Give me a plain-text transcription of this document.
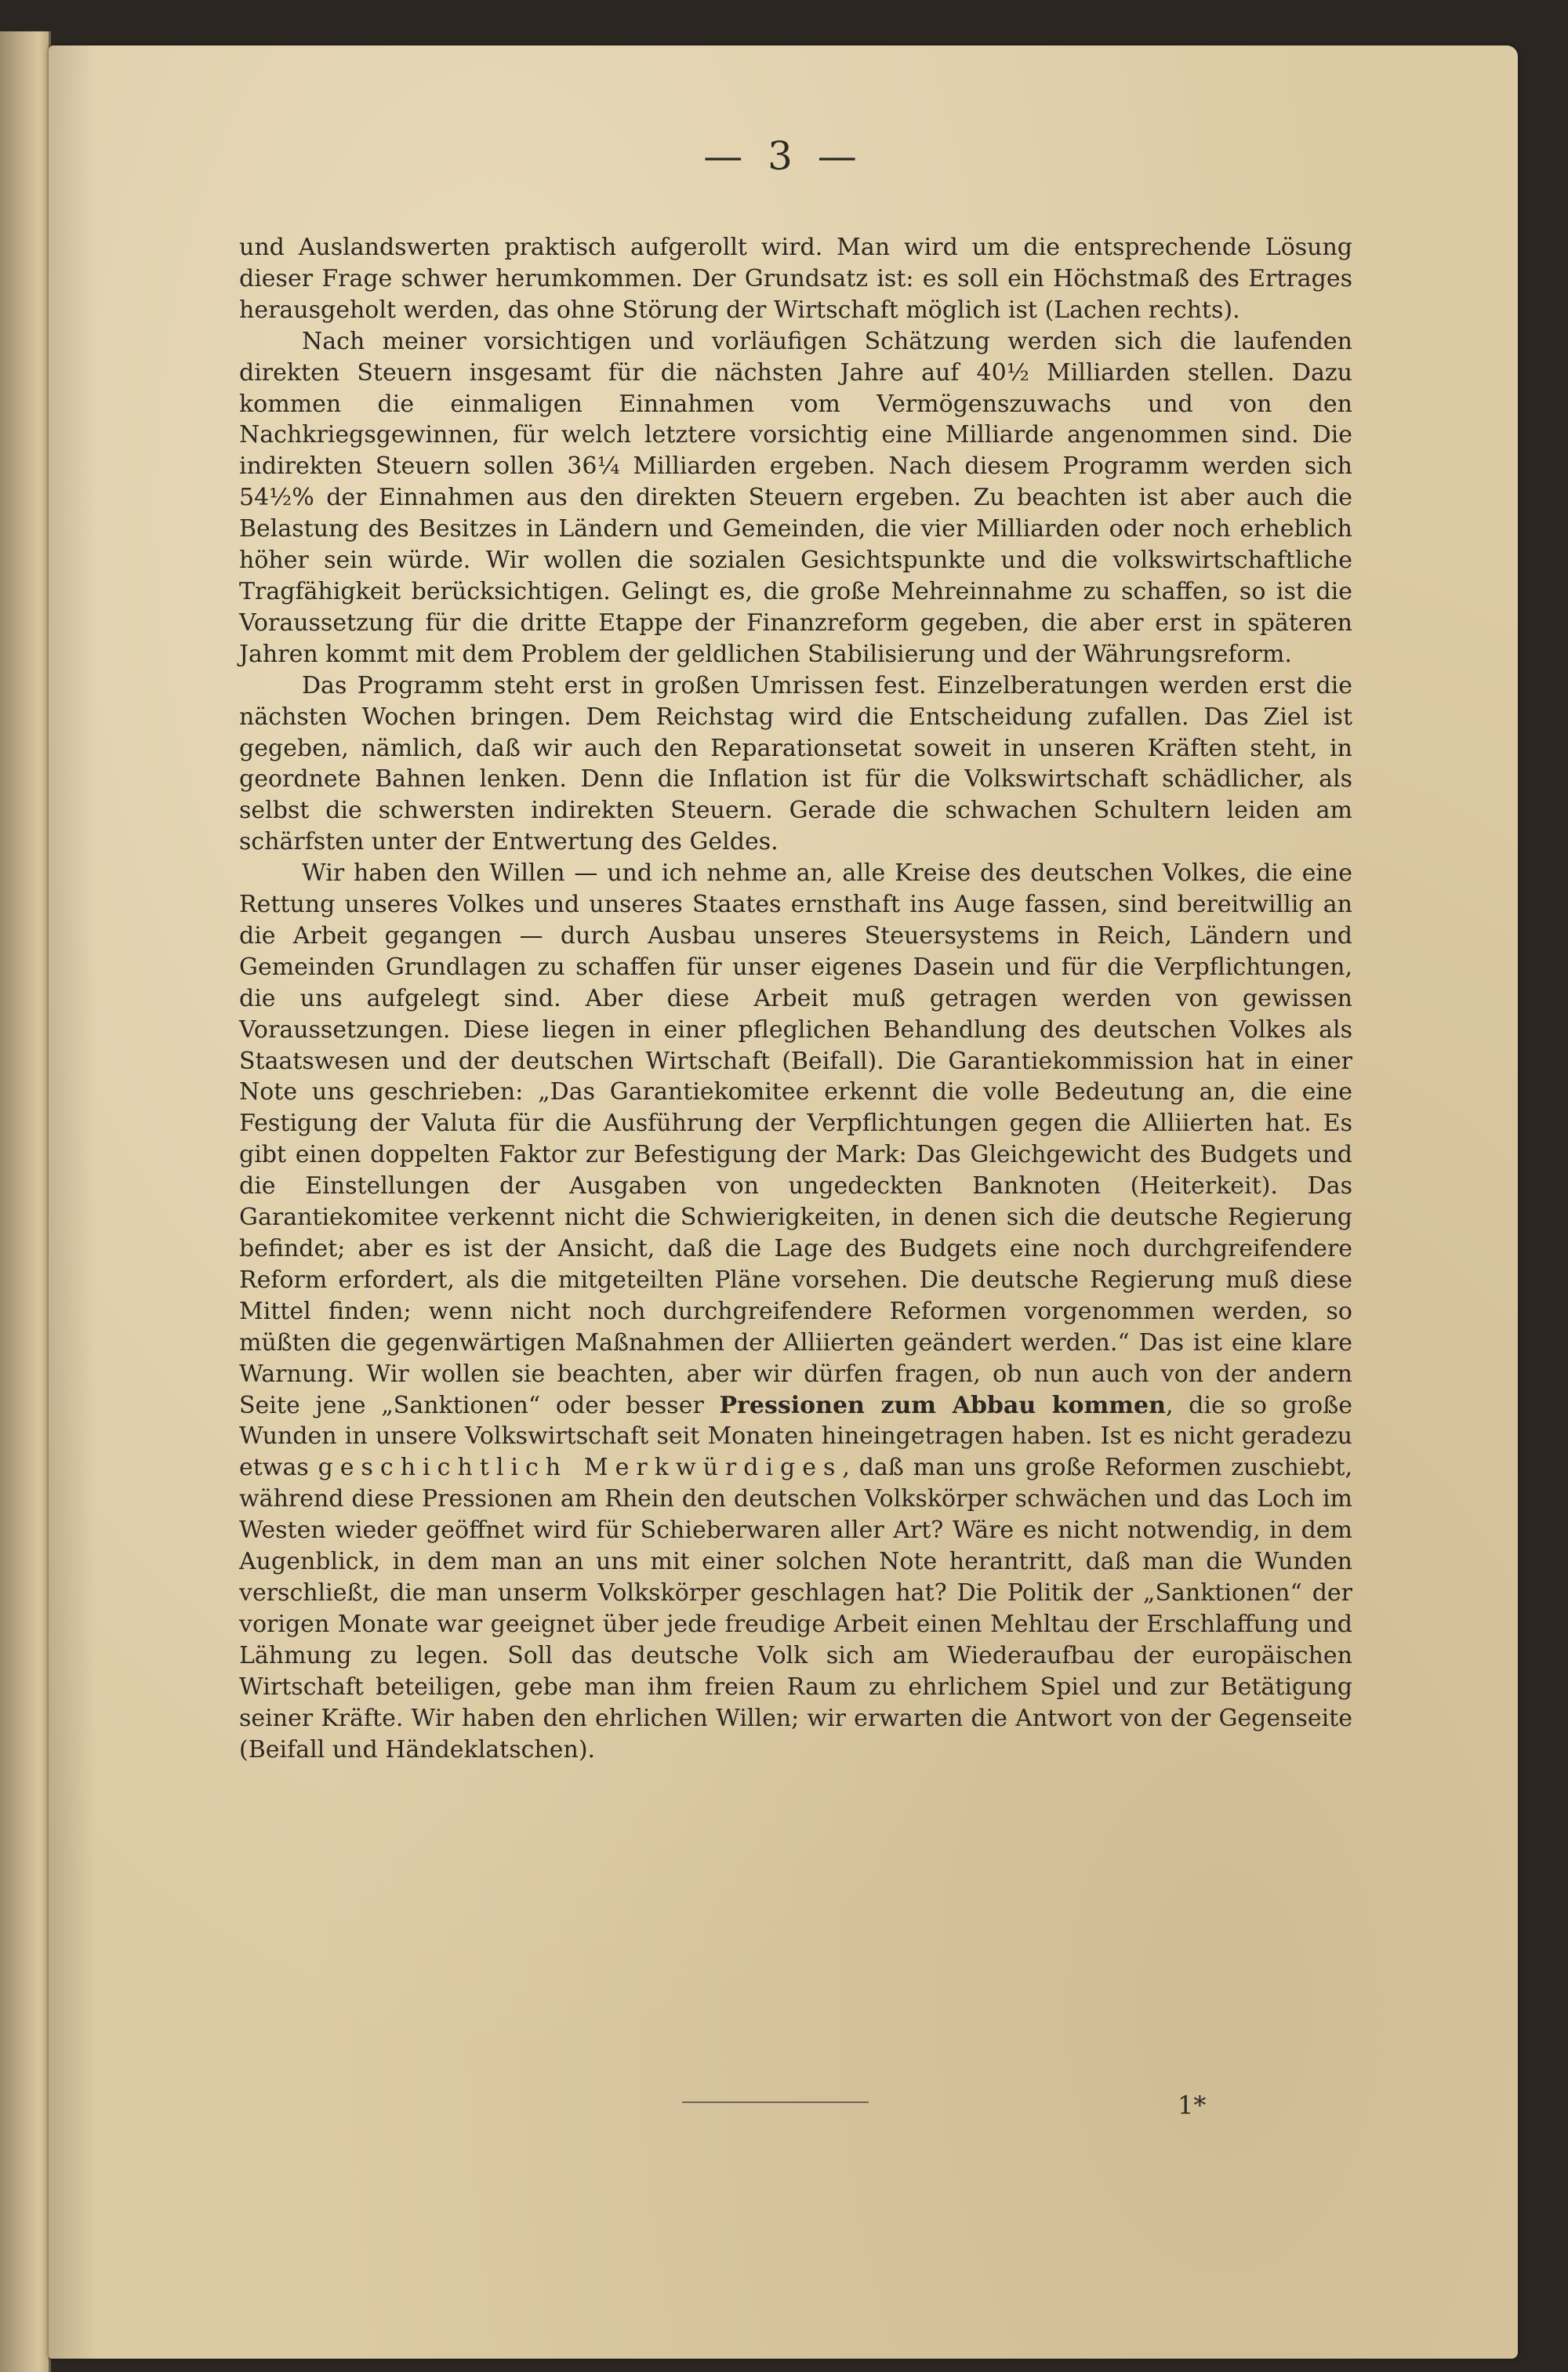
— 3 —

und Auslandswerten praktisch aufgerollt wird. Man wird um die entsprechende Lösung dieser Frage schwer herumkommen. Der Grundsatz ist: es soll ein Höchstmaß des Ertrages herausgeholt werden, das ohne Störung der Wirtschaft möglich ist (Lachen rechts).

Nach meiner vorsichtigen und vorläufigen Schätzung werden sich die laufenden direkten Steuern insgesamt für die nächsten Jahre auf 40½ Milliarden stellen. Dazu kommen die einmaligen Einnahmen vom Vermögenszuwachs und von den Nachkriegsgewinnen, für welch letztere vorsichtig eine Milliarde angenommen sind. Die indirekten Steuern sollen 36¼ Milliarden ergeben. Nach diesem Programm werden sich 54½% der Einnahmen aus den direkten Steuern ergeben. Zu beachten ist aber auch die Belastung des Besitzes in Ländern und Gemeinden, die vier Milliarden oder noch erheblich höher sein würde. Wir wollen die sozialen Gesichtspunkte und die volkswirtschaftliche Tragfähigkeit berücksichtigen. Gelingt es, die große Mehreinnahme zu schaffen, so ist die Voraussetzung für die dritte Etappe der Finanzreform gegeben, die aber erst in späteren Jahren kommt mit dem Problem der geldlichen Stabilisierung und der Währungsreform.

Das Programm steht erst in großen Umrissen fest. Einzelberatungen werden erst die nächsten Wochen bringen. Dem Reichstag wird die Entscheidung zufallen. Das Ziel ist gegeben, nämlich, daß wir auch den Reparationsetat soweit in unseren Kräften steht, in geordnete Bahnen lenken. Denn die Inflation ist für die Volkswirtschaft schädlicher, als selbst die schwersten indirekten Steuern. Gerade die schwachen Schultern leiden am schärfsten unter der Entwertung des Geldes.

Wir haben den Willen — und ich nehme an, alle Kreise des deutschen Volkes, die eine Rettung unseres Volkes und unseres Staates ernsthaft ins Auge fassen, sind bereitwillig an die Arbeit gegangen — durch Ausbau unseres Steuersystems in Reich, Ländern und Gemeinden Grundlagen zu schaffen für unser eigenes Dasein und für die Verpflichtungen, die uns aufgelegt sind. Aber diese Arbeit muß getragen werden von gewissen Voraussetzungen. Diese liegen in einer pfleglichen Behandlung des deutschen Volkes als Staatswesen und der deutschen Wirtschaft (Beifall). Die Garantiekommission hat in einer Note uns geschrieben: „Das Garantiekomitee erkennt die volle Bedeutung an, die eine Festigung der Valuta für die Ausführung der Verpflichtungen gegen die Alliierten hat. Es gibt einen doppelten Faktor zur Befestigung der Mark: Das Gleichgewicht des Budgets und die Einstellungen der Ausgaben von ungedeckten Banknoten (Heiterkeit). Das Garantiekomitee verkennt nicht die Schwierigkeiten, in denen sich die deutsche Regierung befindet; aber es ist der Ansicht, daß die Lage des Budgets eine noch durchgreifendere Reform erfordert, als die mitgeteilten Pläne vorsehen. Die deutsche Regierung muß diese Mittel finden; wenn nicht noch durchgreifendere Reformen vorgenommen werden, so müßten die gegenwärtigen Maßnahmen der Alliierten geändert werden.“ Das ist eine klare Warnung. Wir wollen sie beachten, aber wir dürfen fragen, ob nun auch von der andern Seite jene „Sanktionen“ oder besser Pressionen zum Abbau kommen, die so große Wunden in unsere Volkswirtschaft seit Monaten hineingetragen haben. Ist es nicht geradezu etwas geschichtlich Merkwürdiges, daß man uns große Reformen zuschiebt, während diese Pressionen am Rhein den deutschen Volkskörper schwächen und das Loch im Westen wieder geöffnet wird für Schieberwaren aller Art? Wäre es nicht notwendig, in dem Augenblick, in dem man an uns mit einer solchen Note herantritt, daß man die Wunden verschließt, die man unserm Volkskörper geschlagen hat? Die Politik der „Sanktionen“ der vorigen Monate war geeignet über jede freudige Arbeit einen Mehltau der Erschlaffung und Lähmung zu legen. Soll das deutsche Volk sich am Wiederaufbau der europäischen Wirtschaft beteiligen, gebe man ihm freien Raum zu ehrlichem Spiel und zur Betätigung seiner Kräfte. Wir haben den ehrlichen Willen; wir erwarten die Antwort von der Gegenseite (Beifall und Händeklatschen).

1*
